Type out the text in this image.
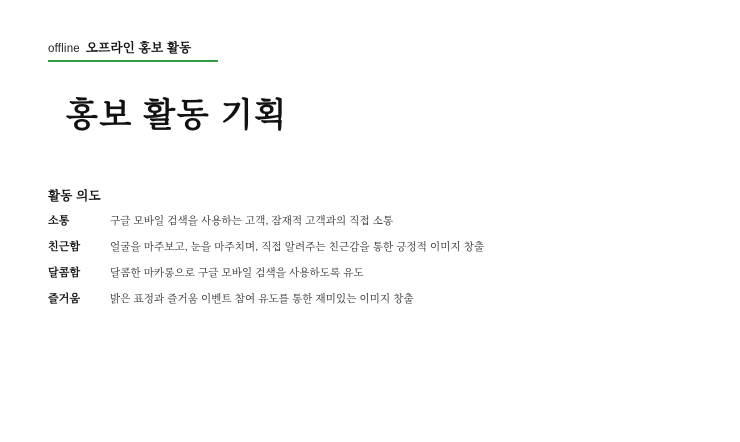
offline 오프라인 홍보 활동
홍보 활동 기획
활동 의도
소통	구글 모바일 검색을 사용하는 고객, 잠재적 고객과의 직접 소통
친근함	얼굴을 마주보고, 눈을 마주치며, 직접 알려주는 친근감을 통한 긍정적 이미지 창출
달콤함	달콤한 마카롱으로 구글 모바일 검색을 사용하도록 유도
즐거움	밝은 표정과 즐거움 이벤트 참여 유도를 통한 재미있는 이미지 창출
